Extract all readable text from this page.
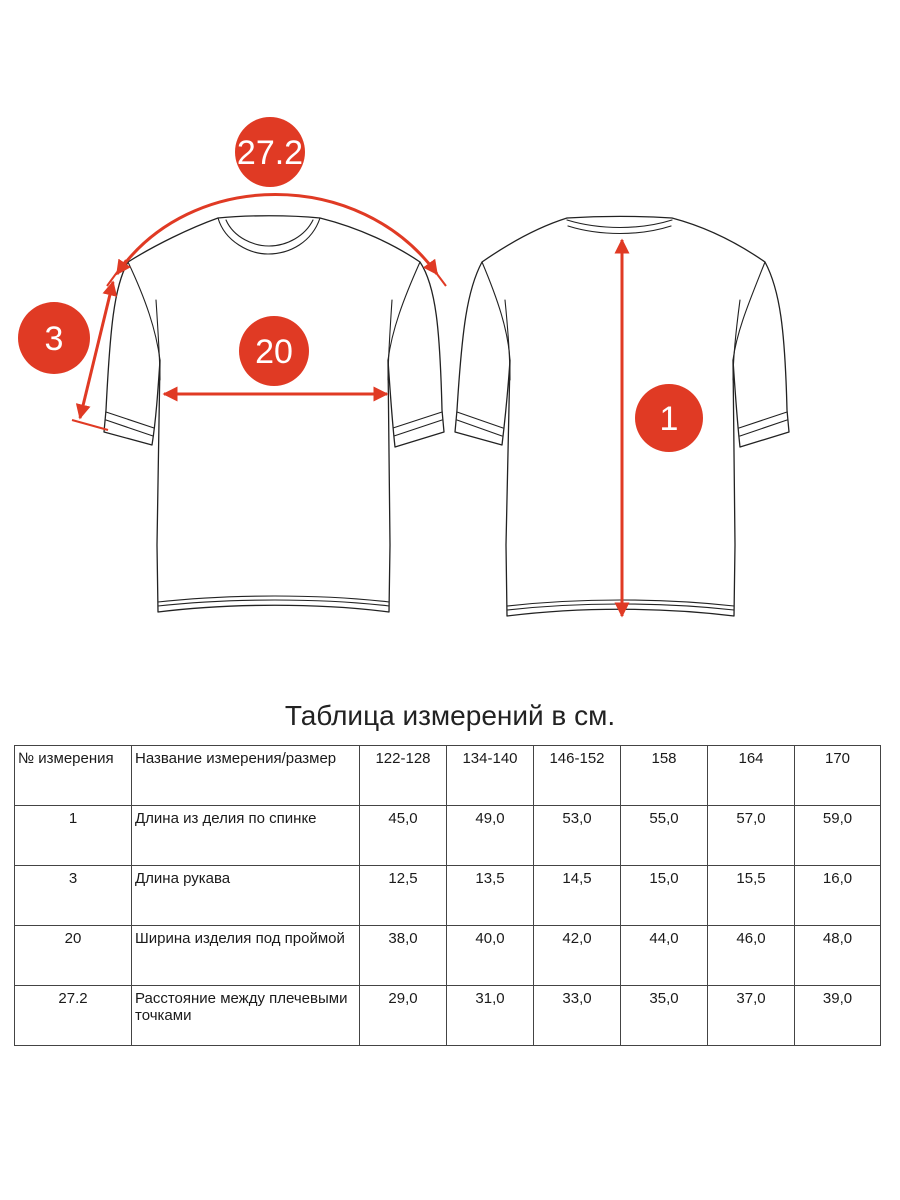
27.2
3	20
1
Таблица измерений в см.
№ измерения	Название измерения/размер	122-128	134-140	146-152	158	164	170
1	Длина из делия по спинке	45,0	49,0	53,0	55,0	57,0	59,0
3	Длина рукава	12,5	13,5	14,5	15,0	15,5	16,0
20	Ширина изделия под проймой	38,0	40,0	42,0	44,0	46,0	48,0
27.2	Расстояние между плечевыми точками	29,0	31,0	33,0	35,0	37,0	39,0
